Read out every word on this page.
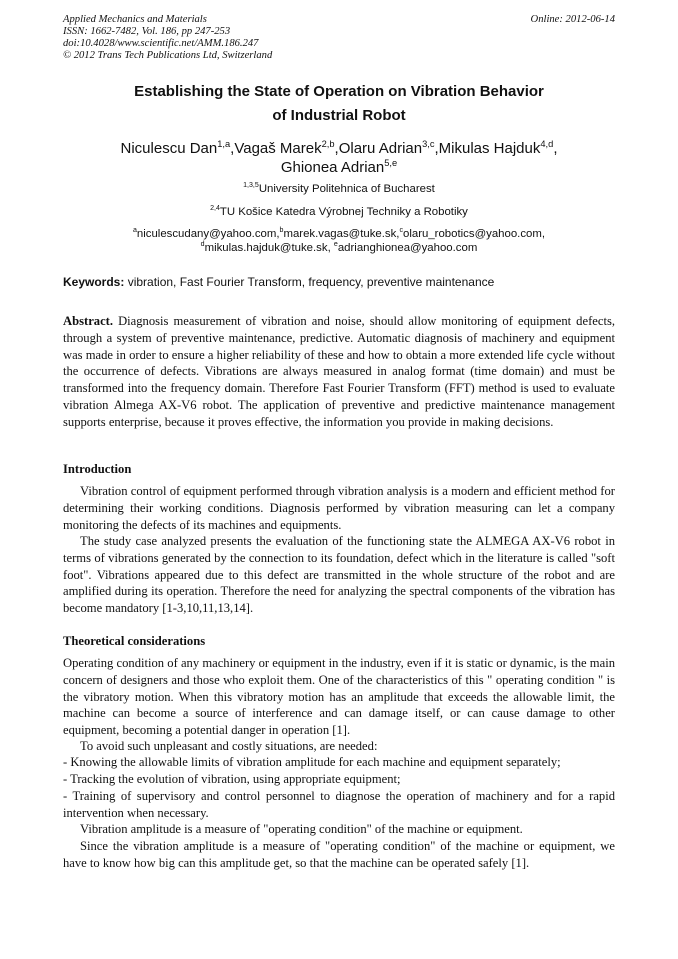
Applied Mechanics and Materials
ISSN: 1662-7482, Vol. 186, pp 247-253
doi:10.4028/www.scientific.net/AMM.186.247
© 2012 Trans Tech Publications Ltd, Switzerland
Online: 2012-06-14
Establishing the State of Operation on Vibration Behavior
of Industrial Robot
Niculescu Dan$^{1,a}$,Vagaš Marek$^{2,b}$,Olaru Adrian$^{3,c}$,Mikulas Hajduk$^{4,d}$,
Ghionea Adrian$^{5,e}$
$^{1,3,5}$University Politehnica of Bucharest
$^{2,4}$TU Košice Katedra Výrobnej Techniky a Robotiky
$^a$niculescudany@yahoo.com,$^b$marek.vagas@tuke.sk,$^c$olaru_robotics@yahoo.com,
$^d$mikulas.hajduk@tuke.sk, $^e$adrianghionea@yahoo.com
Keywords: vibration, Fast Fourier Transform, frequency, preventive maintenance
Abstract. Diagnosis measurement of vibration and noise, should allow monitoring of equipment defects, through a system of preventive maintenance, predictive. Automatic diagnosis of machinery and equipment was made in order to ensure a higher reliability of these and how to obtain a more extended life cycle without the occurrence of defects. Vibrations are always measured in analog format (time domain) and must be transformed into the frequency domain. Therefore Fast Fourier Transform (FFT) method is used to evaluate vibration Almega AX-V6 robot. The application of preventive and predictive maintenance management supports enterprise, because it proves effective, the information you provide in making decisions.
Introduction
Vibration control of equipment performed through vibration analysis is a modern and efficient method for determining their working conditions. Diagnosis performed by vibration measuring can let a company monitoring the defects of its machines and equipments.
The study case analyzed presents the evaluation of the functioning state the ALMEGA AX-V6 robot in terms of vibrations generated by the connection to its foundation, defect which in the literature is called "soft foot". Vibrations appeared due to this defect are transmitted in the whole structure of the robot and are amplified during its operation. Therefore the need for analyzing the spectral components of the vibration has become mandatory [1-3,10,11,13,14].
Theoretical considerations
Operating condition of any machinery or equipment in the industry, even if it is static or dynamic, is the main concern of designers and those who exploit them. One of the characteristics of this " operating condition " is the vibratory motion. When this vibratory motion has an amplitude that exceeds the allowable limit, the machine can become a source of interference and can damage itself, or can cause damage to other equipment, becoming a potential danger in operation [1].
To avoid such unpleasant and costly situations, are needed:
- Knowing the allowable limits of vibration amplitude for each machine and equipment separately;
- Tracking the evolution of vibration, using appropriate equipment;
- Training of supervisory and control personnel to diagnose the operation of machinery and for a rapid intervention when necessary.
Vibration amplitude is a measure of "operating condition" of the machine or equipment.
Since the vibration amplitude is a measure of "operating condition" of the machine or equipment, we have to know how big can this amplitude get, so that the machine can be operated safely [1].
